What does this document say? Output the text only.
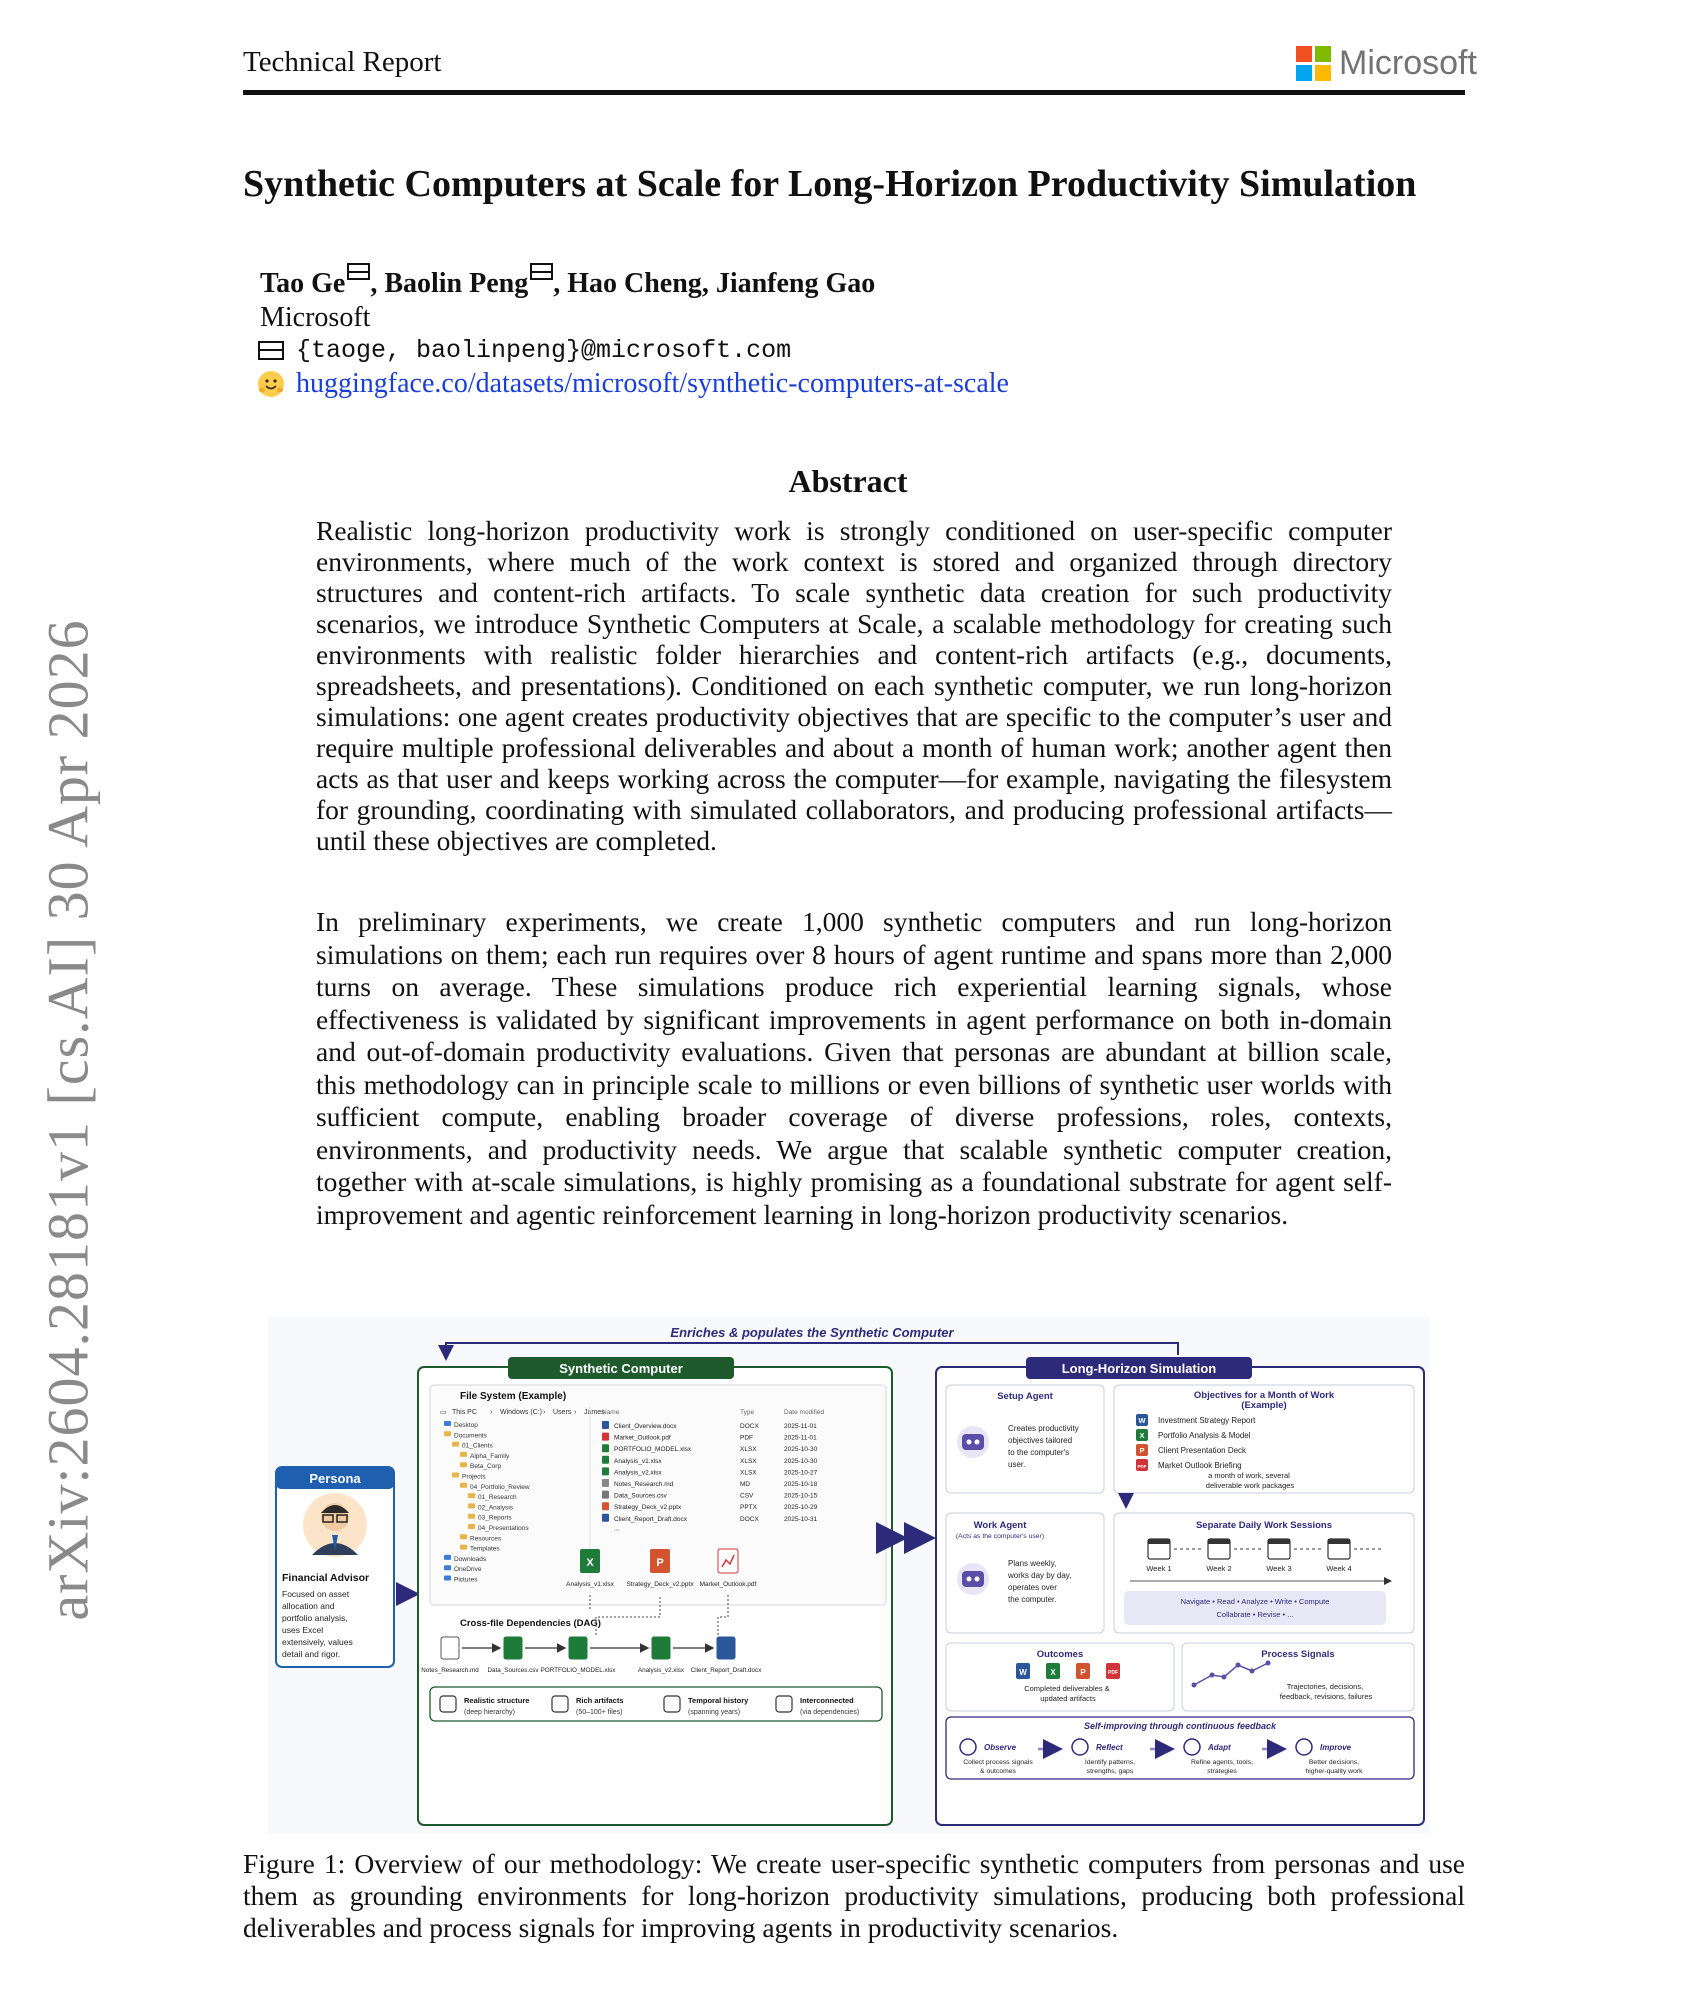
arXiv:2604.28181v1 [cs.AI] 30 Apr 2026
Technical Report	Microsoft
Synthetic Computers at Scale for Long-Horizon Productivity Simulation
Tao Ge , Baolin Peng , Hao Cheng, Jianfeng Gao
Microsoft
{taoge, baolinpeng}@microsoft.com
huggingface.co/datasets/microsoft/synthetic-computers-at-scale
Abstract
Realistic long-horizon productivity work is strongly conditioned on user-specific computer environments, where much of the work context is stored and organized through directory structures and content-rich artifacts. To scale synthetic data creation for such productivity scenarios, we introduce Synthetic Computers at Scale, a scalable methodology for creating such environments with realistic folder hierarchies and content-rich artifacts (e.g., documents, spreadsheets, and presentations). Conditioned on each synthetic computer, we run long-horizon simulations: one agent creates productivity objectives that are specific to the computer’s user and require multiple professional deliverables and about a month of human work; another agent then acts as that user and keeps working across the computer—for example, navigating the filesystem for grounding, coordinating with simulated collaborators, and producing professional artifacts—until these objectives are completed.
In preliminary experiments, we create 1,000 synthetic computers and run long-horizon simulations on them; each run requires over 8 hours of agent runtime and spans more than 2,000 turns on average. These simulations produce rich experiential learning signals, whose effectiveness is validated by significant improvements in agent performance on both in-domain and out-of-domain productivity evaluations. Given that personas are abundant at billion scale, this methodology can in principle scale to millions or even billions of synthetic user worlds with sufficient compute, enabling broader coverage of diverse professions, roles, contexts, environments, and productivity needs. We argue that scalable synthetic computer creation, together with at-scale simulations, is highly promising as a foundational substrate for agent self-improvement and agentic reinforcement learning in long-horizon productivity scenarios.
Enriches & populates the Synthetic Computer
Persona
Financial Advisor
Focused on asset allocation and portfolio analysis, uses Excel extensively, values detail and rigor.
Synthetic Computer
File System (Example)
▭ This PC › Windows (C:) › Users › James
Desktop
Documents
01_Clients
Alpha_Family
Beta_Corp
Projects
04_Portfolio_Review
01_Research
02_Analysis
03_Reports
04_Presentations
Resources
Templates
Downloads
OneDrive
Pictures
Name	Type	Date modified
Client_Overview.docx	DOCX	2025-11-01
Market_Outlook.pdf	PDF	2025-11-01
PORTFOLIO_MODEL.xlsx	XLSX	2025-10-30
Analysis_v1.xlsx	XLSX	2025-10-30
Analysis_v2.xlsx	XLSX	2025-10-27
Notes_Research.md	MD	2025-10-18
Data_Sources.csv	CSV	2025-10-15
Strategy_Deck_v2.pptx	PPTX	2025-10-29
Client_Report_Draft.docx	DOCX	2025-10-31
...
X	P
Analysis_v1.xlsx Strategy_Deck_v2.pptx Market_Outlook.pdf
Cross-file Dependencies (DAG)
Notes_Research.md Data_Sources.csv PORTFOLIO_MODEL.xlsx	Analysis_v2.xlsx Client_Report_Draft.docx
Realistic structure
(deep hierarchy)
Rich artifacts
(50–100+ files)
Temporal history
(spanning years)
Interconnected
(via dependencies)
Long-Horizon Simulation
Setup Agent
Creates productivity objectives tailored to the computer's user.
Objectives for a Month of Work
(Example)
W Investment Strategy Report
X Portfolio Analysis & Model
P Client Presentation Deck
PDF Market Outlook Briefing
a month of work, several deliverable work packages
Work Agent
(Acts as the computer's user)
Plans weekly, works day by day, operates over the computer.
Separate Daily Work Sessions
Week 1	Week 2	Week 3	Week 4
Navigate • Read • Analyze • Write • Compute
Collabrate • Revise • ...
Outcomes
W	X	P	PDF
Completed deliverables & updated artifacts
Process Signals
Trajectories, decisions, feedback, revisions, failures
Self-improving through continuous feedback
Observe
Collect process signals
& outcomes
Reflect
Identify patterns,
strengths, gaps
Adapt
Refine agents, tools,
strategies
Improve
Better decisions,
higher-quality work
Figure 1: Overview of our methodology: We create user-specific synthetic computers from personas and use them as grounding environments for long-horizon productivity simulations, producing both professional deliverables and process signals for improving agents in productivity scenarios.
